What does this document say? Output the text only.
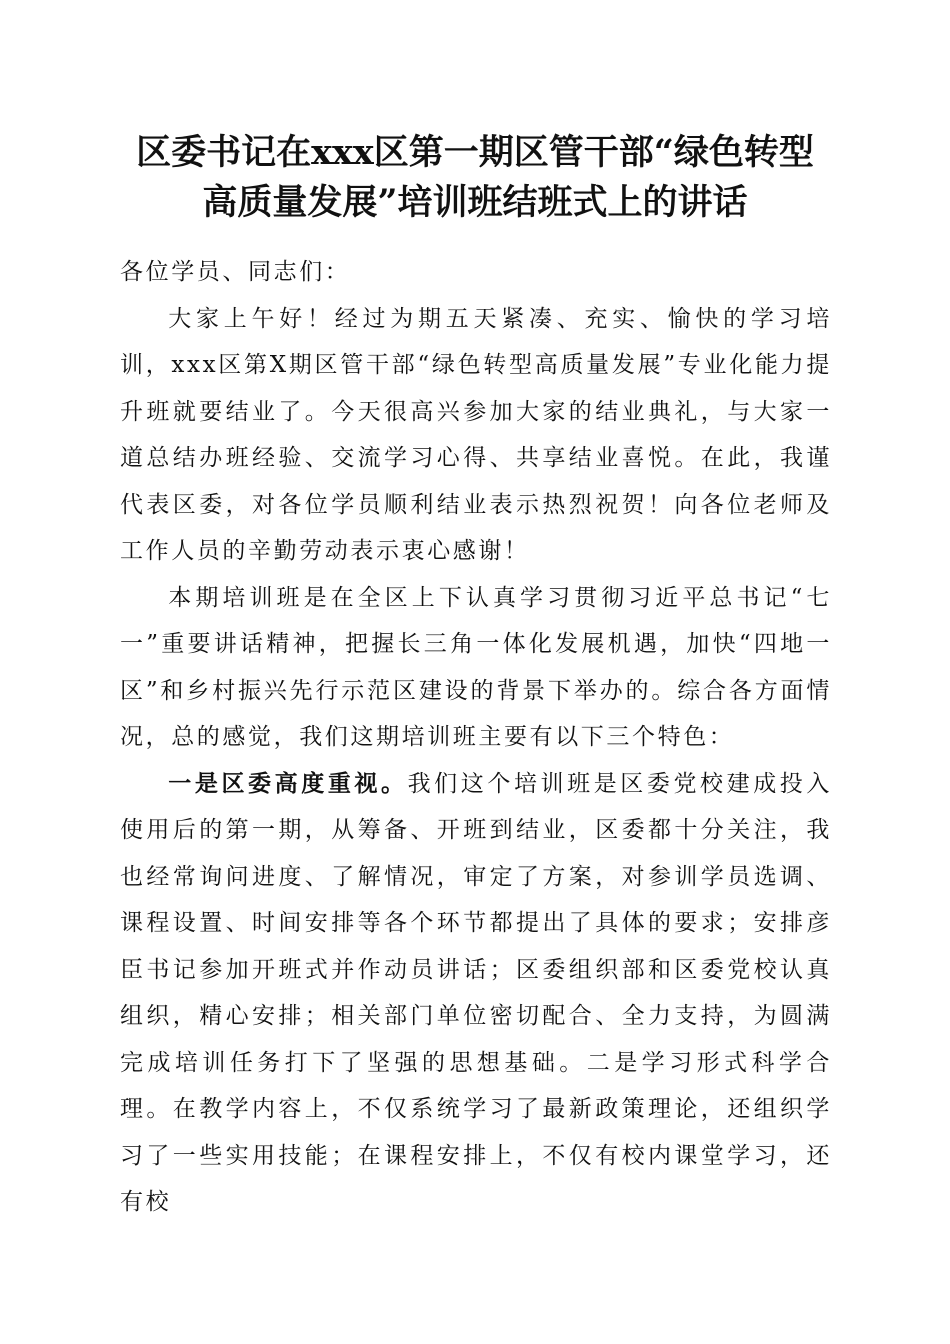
区委书记在xxx区第一期区管干部“绿色转型
高质量发展”培训班结班式上的讲话

各位学员、同志们：

大家上午好！经过为期五天紧凑、充实、愉快的学习培训，xxx区第X期区管干部“绿色转型高质量发展”专业化能力提升班就要结业了。今天很高兴参加大家的结业典礼，与大家一道总结办班经验、交流学习心得、共享结业喜悦。在此，我谨代表区委，对各位学员顺利结业表示热烈祝贺！向各位老师及工作人员的辛勤劳动表示衷心感谢！

本期培训班是在全区上下认真学习贯彻习近平总书记“七一”重要讲话精神，把握长三角一体化发展机遇，加快“四地一区”和乡村振兴先行示范区建设的背景下举办的。综合各方面情况，总的感觉，我们这期培训班主要有以下三个特色：

一是区委高度重视。我们这个培训班是区委党校建成投入使用后的第一期，从筹备、开班到结业，区委都十分关注，我也经常询问进度、了解情况，审定了方案，对参训学员选调、课程设置、时间安排等各个环节都提出了具体的要求；安排彦臣书记参加开班式并作动员讲话；区委组织部和区委党校认真组织，精心安排；相关部门单位密切配合、全力支持，为圆满完成培训任务打下了坚强的思想基础。二是学习形式科学合理。在教学内容上，不仅系统学习了最新政策理论，还组织学习了一些实用技能；在课程安排上，不仅有校内课堂学习，还有校
